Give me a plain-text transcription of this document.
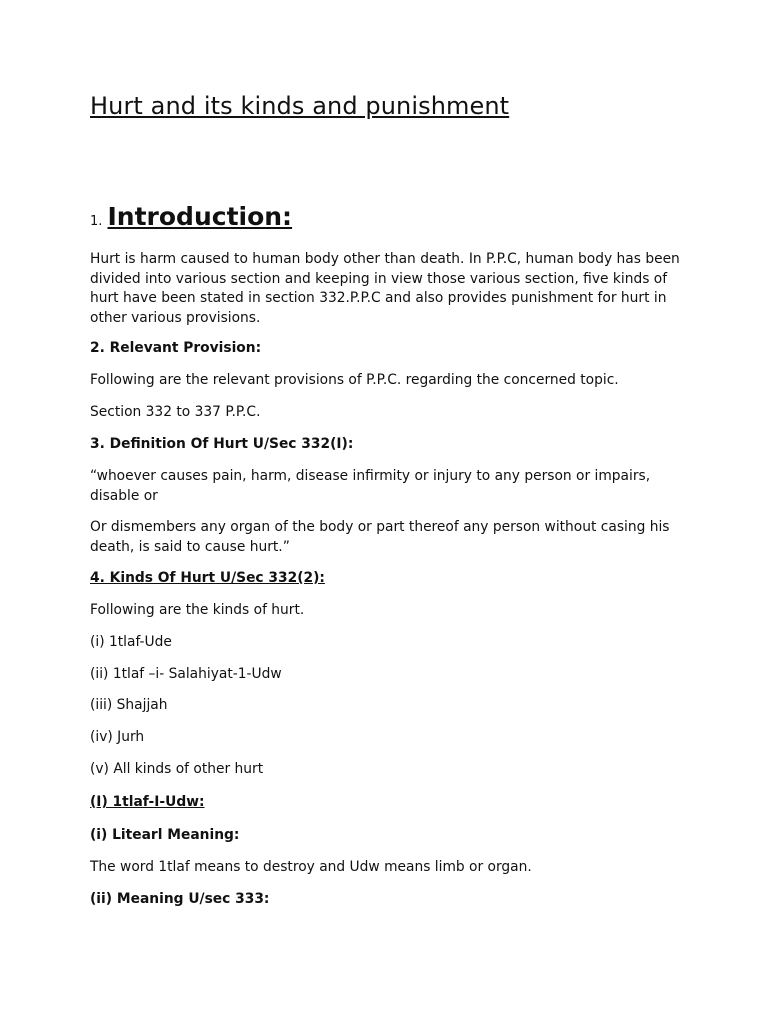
Hurt and its kinds and punishment
1. Introduction:

Hurt is harm caused to human body other than death. In P.P.C, human body has been divided into various section and keeping in view those various section, five kinds of hurt have been stated in section 332.P.P.C and also provides punishment for hurt in other various provisions.

2. Relevant Provision:

Following are the relevant provisions of P.P.C. regarding the concerned topic.

Section 332 to 337 P.P.C.

3. Definition Of Hurt U/Sec 332(I):

“whoever causes pain, harm, disease infirmity or injury to any person or impairs, disable or

Or dismembers any organ of the body or part thereof any person without casing his death, is said to cause hurt.”

4. Kinds Of Hurt U/Sec 332(2):

Following are the kinds of hurt.

(i) 1tlaf-Ude

(ii) 1tlaf –i- Salahiyat-1-Udw

(iii) Shajjah

(iv) Jurh

(v) All kinds of other hurt

(I) 1tlaf-I-Udw:

(i) Litearl Meaning:

The word 1tlaf means to destroy and Udw means limb or organ.

(ii) Meaning U/sec 333:
